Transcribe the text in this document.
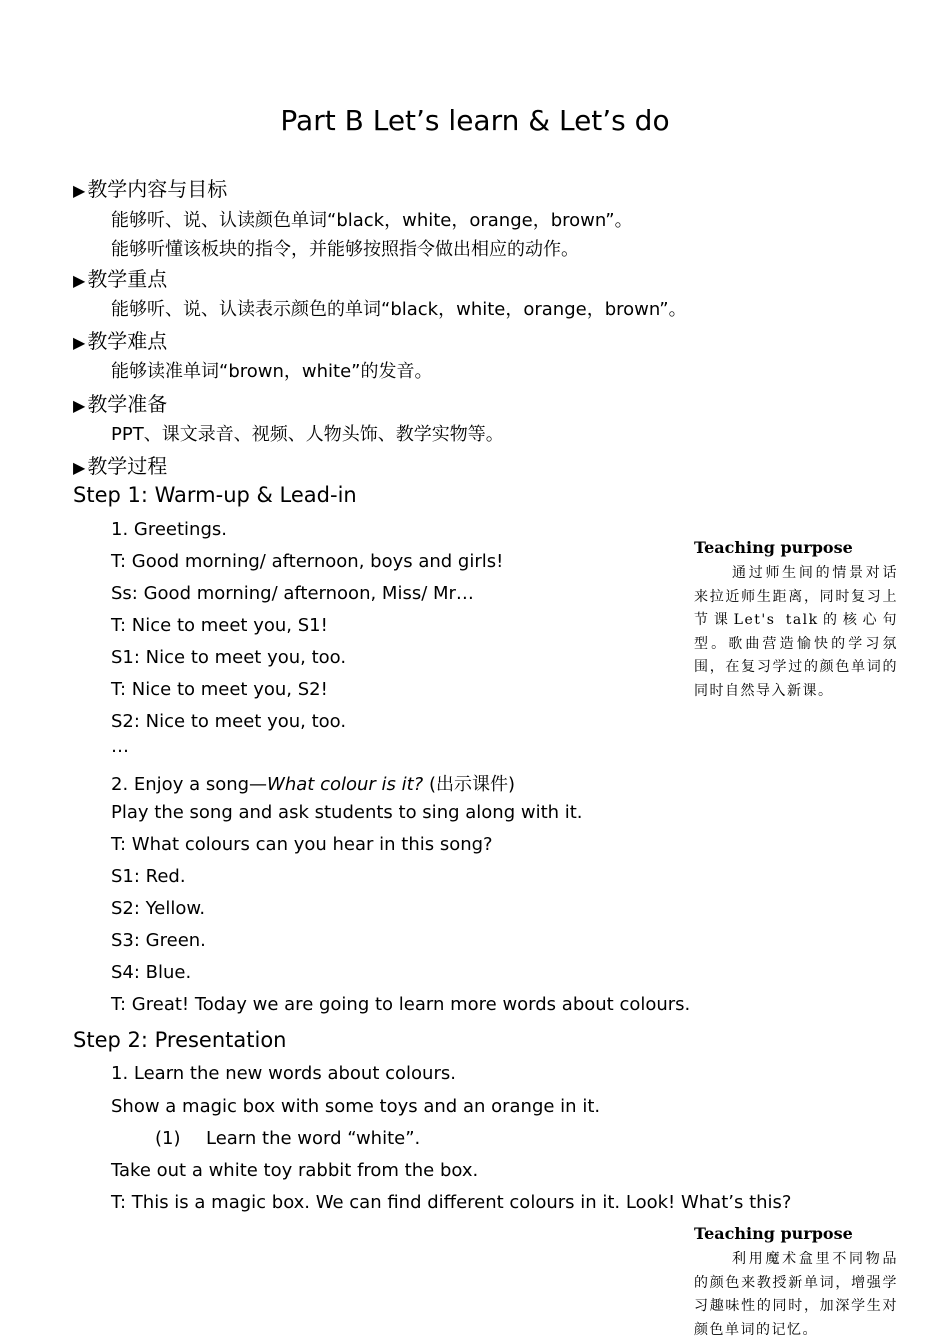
Part B Let’s learn & Let’s do
▶ 教学内容与目标
能够听、说、认读颜色单词“black，white，orange，brown”。
能够听懂该板块的指令，并能够按照指令做出相应的动作。
▶ 教学重点
能够听、说、认读表示颜色的单词“black，white，orange，brown”。
▶ 教学难点
能够读准单词“brown，white”的发音。
▶ 教学准备
PPT、课文录音、视频、人物头饰、教学实物等。
▶ 教学过程
Step 1: Warm-up & Lead-in
1. Greetings.
T: Good morning/ afternoon, boys and girls!
Ss: Good morning/ afternoon, Miss/ Mr…
T: Nice to meet you, S1!
S1: Nice to meet you, too.
T: Nice to meet you, S2!
S2: Nice to meet you, too.
…
2. Enjoy a song—What colour is it? (出示课件)
Play the song and ask students to sing along with it.
T: What colours can you hear in this song?
S1: Red.
S2: Yellow.
S3: Green.
S4: Blue.
T: Great! Today we are going to learn more words about colours.
Step 2: Presentation
1. Learn the new words about colours.
Show a magic box with some toys and an orange in it.
(1) Learn the word “white”.
Take out a white toy rabbit from the box.
T: This is a magic box. We can find different colours in it. Look! What’s this?
Teaching purpose
通过师生间的情景对话来拉近师生距离，同时复习上节课Let's talk的核心句型。歌曲营造愉快的学习氛围，在复习学过的颜色单词的同时自然导入新课。
Teaching purpose
利用魔术盒里不同物品的颜色来教授新单词，增强学习趣味性的同时，加深学生对颜色单词的记忆。
